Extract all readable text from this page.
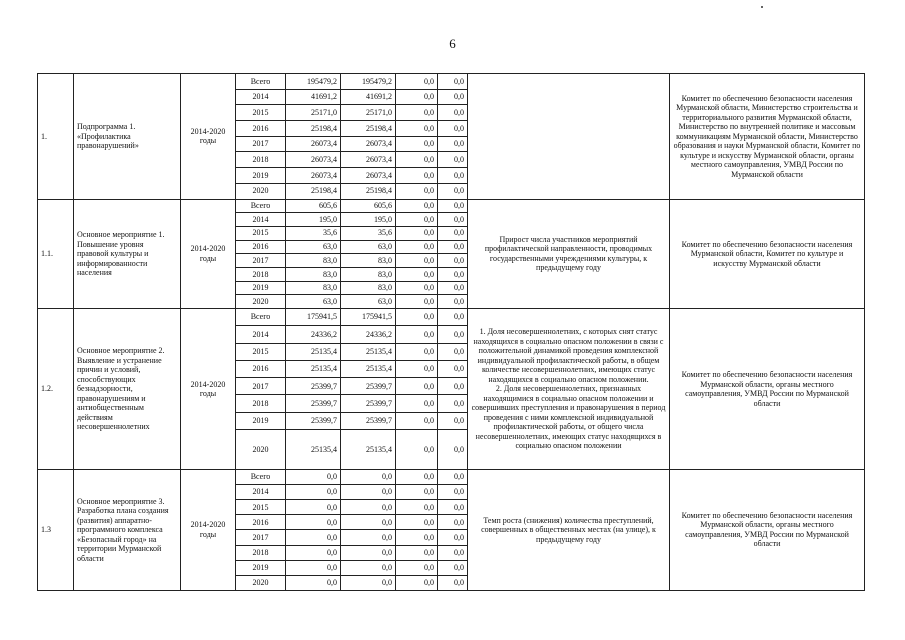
6
1.	Подпрограмма 1. «Профилактика правонарушений»	2014-2020 годы	Всего	195479,2	195479,2	0,0	0,0		Комитет по обеспечению безопасности населения Мурманской области, Министерство строительства и территориального развития Мурманской области, Министерство по внутренней политике и массовым коммуникациям Мурманской области, Министерство образования и науки Мурманской области, Комитет по культуре и искусству Мурманской области, органы местного самоуправления, УМВД России по Мурманской области
			2014	41691,2	41691,2	0,0	0,0		
			2015	25171,0	25171,0	0,0	0,0		
			2016	25198,4	25198,4	0,0	0,0		
			2017	26073,4	26073,4	0,0	0,0		
			2018	26073,4	26073,4	0,0	0,0		
			2019	26073,4	26073,4	0,0	0,0		
			2020	25198,4	25198,4	0,0	0,0		
1.1.	Основное мероприятие 1. Повышение уровня правовой культуры и информированности населения	2014-2020 годы	Всего	605,6	605,6	0,0	0,0	Прирост числа участников мероприятий профилактической направленности, проводимых государственными учреждениями культуры, к предыдущему году	Комитет по обеспечению безопасности населения Мурманской области, Комитет по культуре и искусству Мурманской области
			2014	195,0	195,0	0,0	0,0		
			2015	35,6	35,6	0,0	0,0		
			2016	63,0	63,0	0,0	0,0		
			2017	83,0	83,0	0,0	0,0		
			2018	83,0	83,0	0,0	0,0		
			2019	83,0	83,0	0,0	0,0		
			2020	63,0	63,0	0,0	0,0		
1.2.	Основное мероприятие 2. Выявление и устранение причин и условий, способствующих безнадзорности, правонарушениям и антиобщественным действиям несовершеннолетних	2014-2020 годы	Всего	175941,5	175941,5	0,0	0,0	1. Доля несовершеннолетних, с которых снят статус находящихся в социально опасном положении в связи с положительной динамикой проведения комплексной индивидуальной профилактической работы, в общем количестве несовершеннолетних, имеющих статус находящихся в социально опасном положении.
2. Доля несовершеннолетних, признанных находящимися в социально опасном положении и совершивших преступления и правонарушения в период проведения с ними комплексной индивидуальной профилактической работы, от общего числа несовершеннолетних, имеющих статус находящихся в социально опасном положении	Комитет по обеспечению безопасности населения Мурманской области, органы местного самоуправления, УМВД России по Мурманской области
			2014	24336,2	24336,2	0,0	0,0		
			2015	25135,4	25135,4	0,0	0,0		
			2016	25135,4	25135,4	0,0	0,0		
			2017	25399,7	25399,7	0,0	0,0		
			2018	25399,7	25399,7	0,0	0,0		
			2019	25399,7	25399,7	0,0	0,0		
			2020	25135,4	25135,4	0,0	0,0		
1.3	Основное мероприятие 3. Разработка плана создания (развития) аппаратно-программного комплекса «Безопасный город» на территории Мурманской области	2014-2020 годы	Всего	0,0	0,0	0,0	0,0	Темп роста (снижения) количества преступлений, совершенных в общественных местах (на улице), к предыдущему году	Комитет по обеспечению безопасности населения Мурманской области, органы местного самоуправления, УМВД России по Мурманской области
			2014	0,0	0,0	0,0	0,0		
			2015	0,0	0,0	0,0	0,0		
			2016	0,0	0,0	0,0	0,0		
			2017	0,0	0,0	0,0	0,0		
			2018	0,0	0,0	0,0	0,0		
			2019	0,0	0,0	0,0	0,0		
			2020	0,0	0,0	0,0	0,0		
